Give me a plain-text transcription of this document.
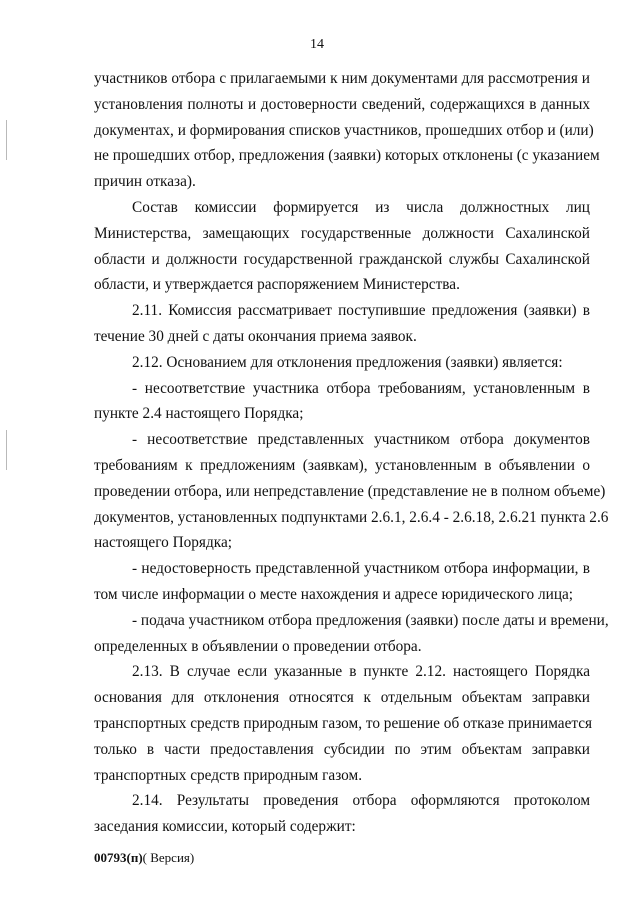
14
участников отбора с прилагаемыми к ним документами для рассмотрения и
установления полноты и достоверности сведений, содержащихся в данных
документах, и формирования списков участников, прошедших отбор и (или)
не прошедших отбор, предложения (заявки) которых отклонены (с указанием
причин отказа).
Состав комиссии формируется из числа должностных лиц
Министерства, замещающих государственные должности Сахалинской
области и должности государственной гражданской службы Сахалинской
области, и утверждается распоряжением Министерства.
2.11. Комиссия рассматривает поступившие предложения (заявки) в
течение 30 дней с даты окончания приема заявок.
2.12. Основанием для отклонения предложения (заявки) является:
- несоответствие участника отбора требованиям, установленным в
пункте 2.4 настоящего Порядка;
- несоответствие представленных участником отбора документов
требованиям к предложениям (заявкам), установленным в объявлении о
проведении отбора, или непредставление (представление не в полном объеме)
документов, установленных подпунктами 2.6.1, 2.6.4 - 2.6.18, 2.6.21 пункта 2.6
настоящего Порядка;
- недостоверность представленной участником отбора информации, в
том числе информации о месте нахождения и адресе юридического лица;
- подача участником отбора предложения (заявки) после даты и времени,
определенных в объявлении о проведении отбора.
2.13. В случае если указанные в пункте 2.12. настоящего Порядка
основания для отклонения относятся к отдельным объектам заправки
транспортных средств природным газом, то решение об отказе принимается
только в части предоставления субсидии по этим объектам заправки
транспортных средств природным газом.
2.14. Результаты проведения отбора оформляются протоколом
заседания комиссии, который содержит:
00793(п)( Версия)
